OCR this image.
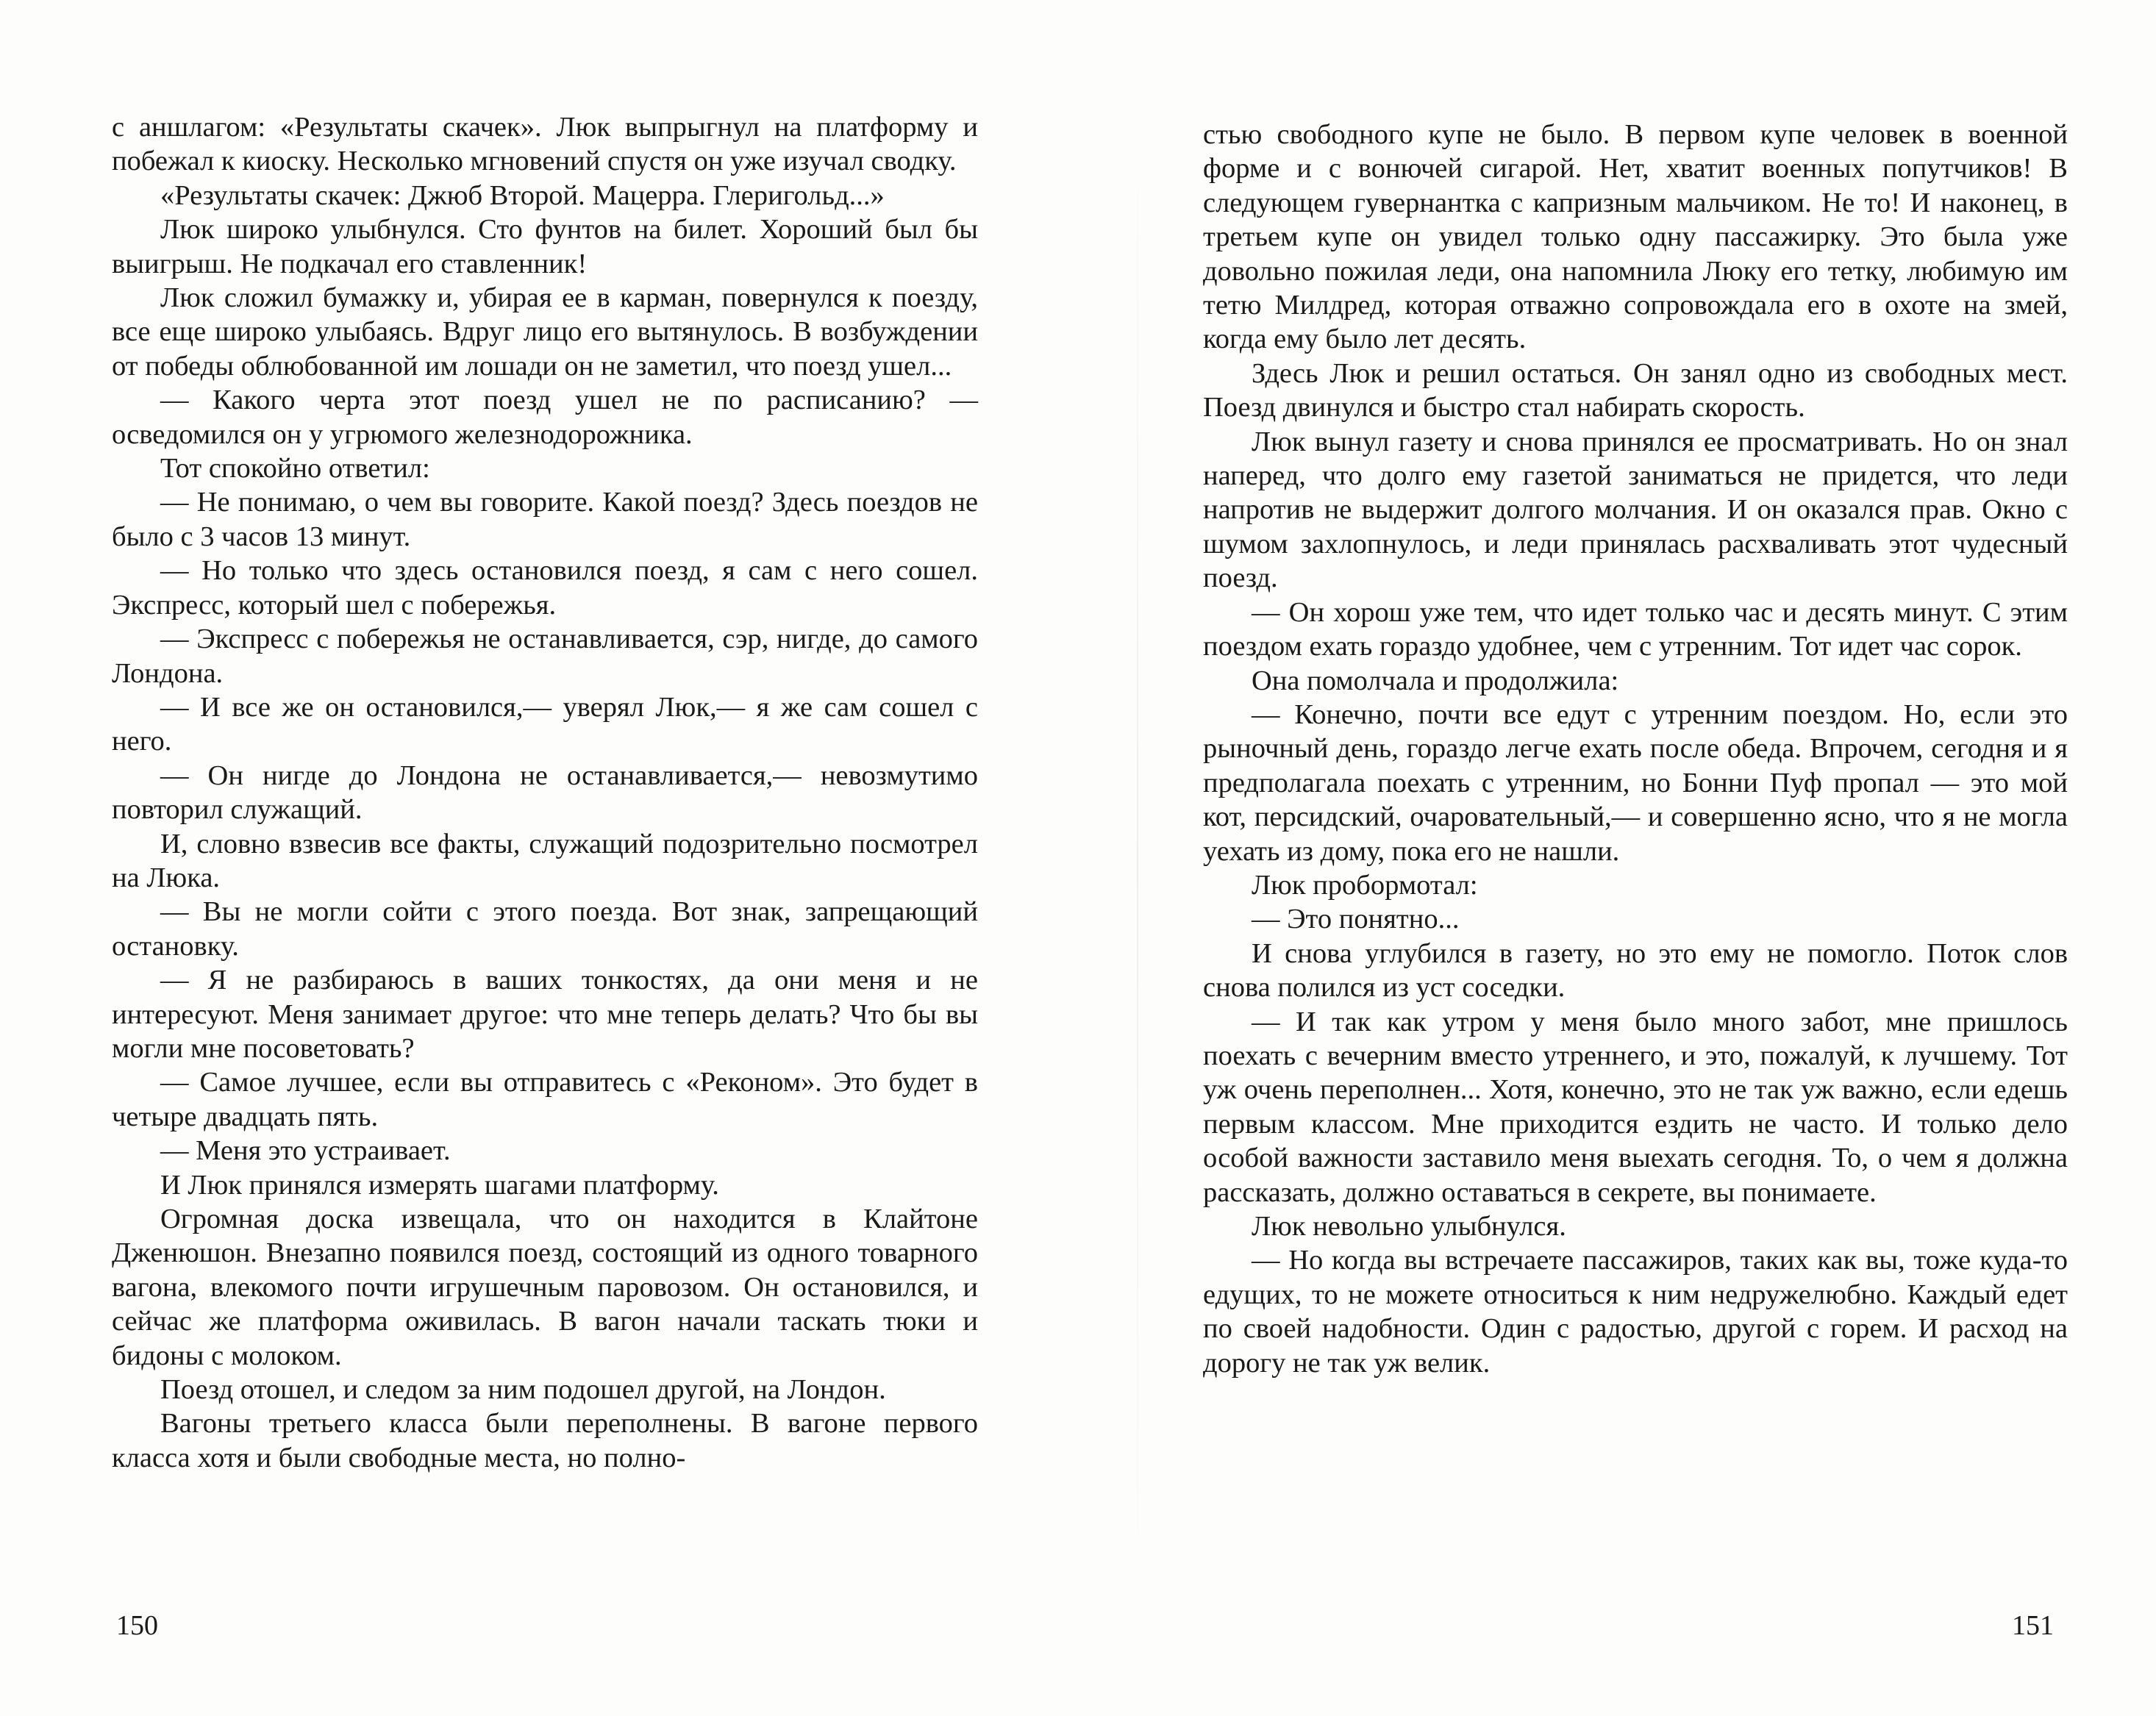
с аншлагом: «Результаты скачек». Люк выпрыгнул на платформу и побежал к киоску. Несколько мгновений спустя он уже изучал сводку.

«Результаты скачек: Джюб Второй. Мацерра. Глеригольд...»

Люк широко улыбнулся. Сто фунтов на билет. Хороший был бы выигрыш. Не подкачал его ставленник!

Люк сложил бумажку и, убирая ее в карман, повернулся к поезду, все еще широко улыбаясь. Вдруг лицо его вытянулось. В возбуждении от победы облюбованной им лошади он не заметил, что поезд ушел...

— Какого черта этот поезд ушел не по расписанию? — осведомился он у угрюмого железнодорожника.

Тот спокойно ответил:

— Не понимаю, о чем вы говорите. Какой поезд? Здесь поездов не было с 3 часов 13 минут.

— Но только что здесь остановился поезд, я сам с него сошел. Экспресс, который шел с побережья.

— Экспресс с побережья не останавливается, сэр, нигде, до самого Лондона.

— И все же он остановился,— уверял Люк,— я же сам сошел с него.

— Он нигде до Лондона не останавливается,— невозмутимо повторил служащий.

И, словно взвесив все факты, служащий подозрительно посмотрел на Люка.

— Вы не могли сойти с этого поезда. Вот знак, запрещающий остановку.

— Я не разбираюсь в ваших тонкостях, да они меня и не интересуют. Меня занимает другое: что мне теперь делать? Что бы вы могли мне посоветовать?

— Самое лучшее, если вы отправитесь с «Реконом». Это будет в четыре двадцать пять.

— Меня это устраивает.

И Люк принялся измерять шагами платформу.

Огромная доска извещала, что он находится в Клайтоне Дженюшон. Внезапно появился поезд, состоящий из одного товарного вагона, влекомого почти игрушечным паровозом. Он остановился, и сейчас же платформа оживилась. В вагон начали таскать тюки и бидоны с молоком.

Поезд отошел, и следом за ним подошел другой, на Лондон.

Вагоны третьего класса были переполнены. В вагоне первого класса хотя и были свободные места, но полно-

150

стью свободного купе не было. В первом купе человек в военной форме и с вонючей сигарой. Нет, хватит военных попутчиков! В следующем гувернантка с капризным мальчиком. Не то! И наконец, в третьем купе он увидел только одну пассажирку. Это была уже довольно пожилая леди, она напомнила Люку его тетку, любимую им тетю Милдред, которая отважно сопровождала его в охоте на змей, когда ему было лет десять.

Здесь Люк и решил остаться. Он занял одно из свободных мест. Поезд двинулся и быстро стал набирать скорость.

Люк вынул газету и снова принялся ее просматривать. Но он знал наперед, что долго ему газетой заниматься не придется, что леди напротив не выдержит долгого молчания. И он оказался прав. Окно с шумом захлопнулось, и леди принялась расхваливать этот чудесный поезд.

— Он хорош уже тем, что идет только час и десять минут. С этим поездом ехать гораздо удобнее, чем с утренним. Тот идет час сорок.

Она помолчала и продолжила:

— Конечно, почти все едут с утренним поездом. Но, если это рыночный день, гораздо легче ехать после обеда. Впрочем, сегодня и я предполагала поехать с утренним, но Бонни Пуф пропал — это мой кот, персидский, очаровательный,— и совершенно ясно, что я не могла уехать из дому, пока его не нашли.

Люк пробормотал:

— Это понятно...

И снова углубился в газету, но это ему не помогло. Поток слов снова полился из уст соседки.

— И так как утром у меня было много забот, мне пришлось поехать с вечерним вместо утреннего, и это, пожалуй, к лучшему. Тот уж очень переполнен... Хотя, конечно, это не так уж важно, если едешь первым классом. Мне приходится ездить не часто. И только дело особой важности заставило меня выехать сегодня. То, о чем я должна рассказать, должно оставаться в секрете, вы понимаете.

Люк невольно улыбнулся.

— Но когда вы встречаете пассажиров, таких как вы, тоже куда-то едущих, то не можете относиться к ним недружелюбно. Каждый едет по своей надобности. Один с радостью, другой с горем. И расход на дорогу не так уж велик.

151
